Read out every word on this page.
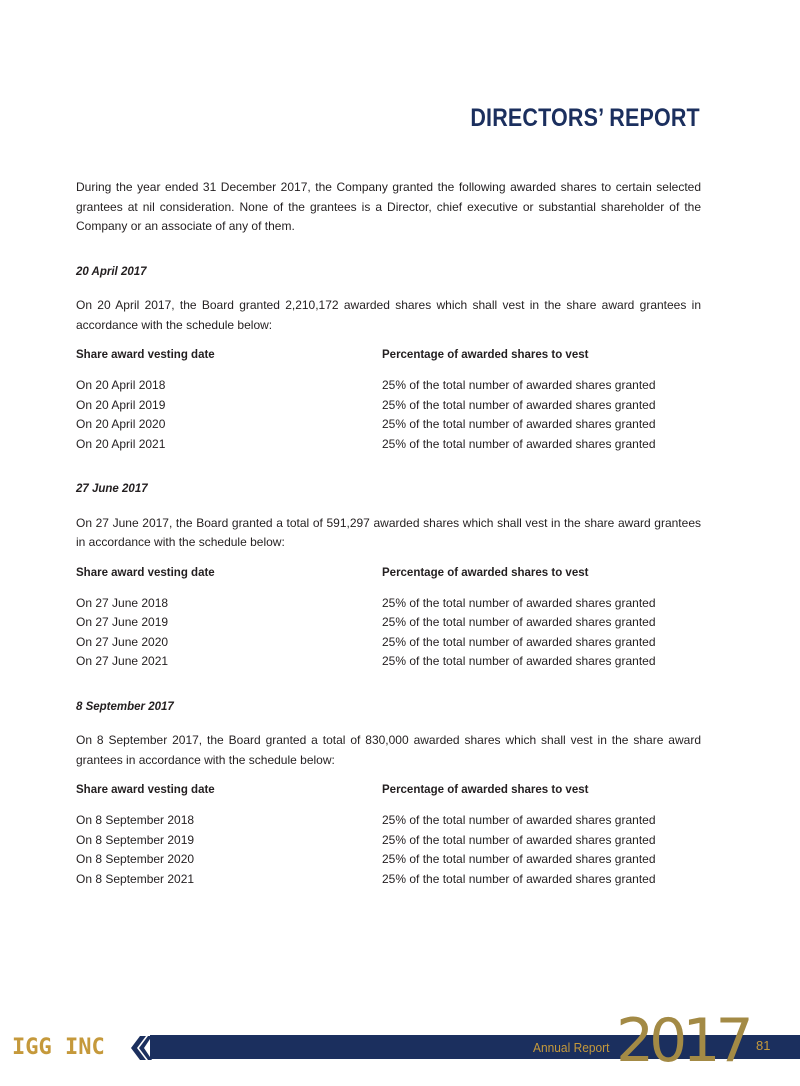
DIRECTORS’ REPORT

During the year ended 31 December 2017, the Company granted the following awarded shares to certain selected grantees at nil consideration. None of the grantees is a Director, chief executive or substantial shareholder of the Company or an associate of any of them.

20 April 2017

On 20 April 2017, the Board granted 2,210,172 awarded shares which shall vest in the share award grantees in accordance with the schedule below:

Share award vesting date	Percentage of awarded shares to vest

On 20 April 2018	25% of the total number of awarded shares granted
On 20 April 2019	25% of the total number of awarded shares granted
On 20 April 2020	25% of the total number of awarded shares granted
On 20 April 2021	25% of the total number of awarded shares granted

27 June 2017

On 27 June 2017, the Board granted a total of 591,297 awarded shares which shall vest in the share award grantees in accordance with the schedule below:

Share award vesting date	Percentage of awarded shares to vest

On 27 June 2018	25% of the total number of awarded shares granted
On 27 June 2019	25% of the total number of awarded shares granted
On 27 June 2020	25% of the total number of awarded shares granted
On 27 June 2021	25% of the total number of awarded shares granted

8 September 2017

On 8 September 2017, the Board granted a total of 830,000 awarded shares which shall vest in the share award grantees in accordance with the schedule below:

Share award vesting date	Percentage of awarded shares to vest

On 8 September 2018	25% of the total number of awarded shares granted
On 8 September 2019	25% of the total number of awarded shares granted
On 8 September 2020	25% of the total number of awarded shares granted
On 8 September 2021	25% of the total number of awarded shares granted
IGG INC	Annual Report 2017 81
